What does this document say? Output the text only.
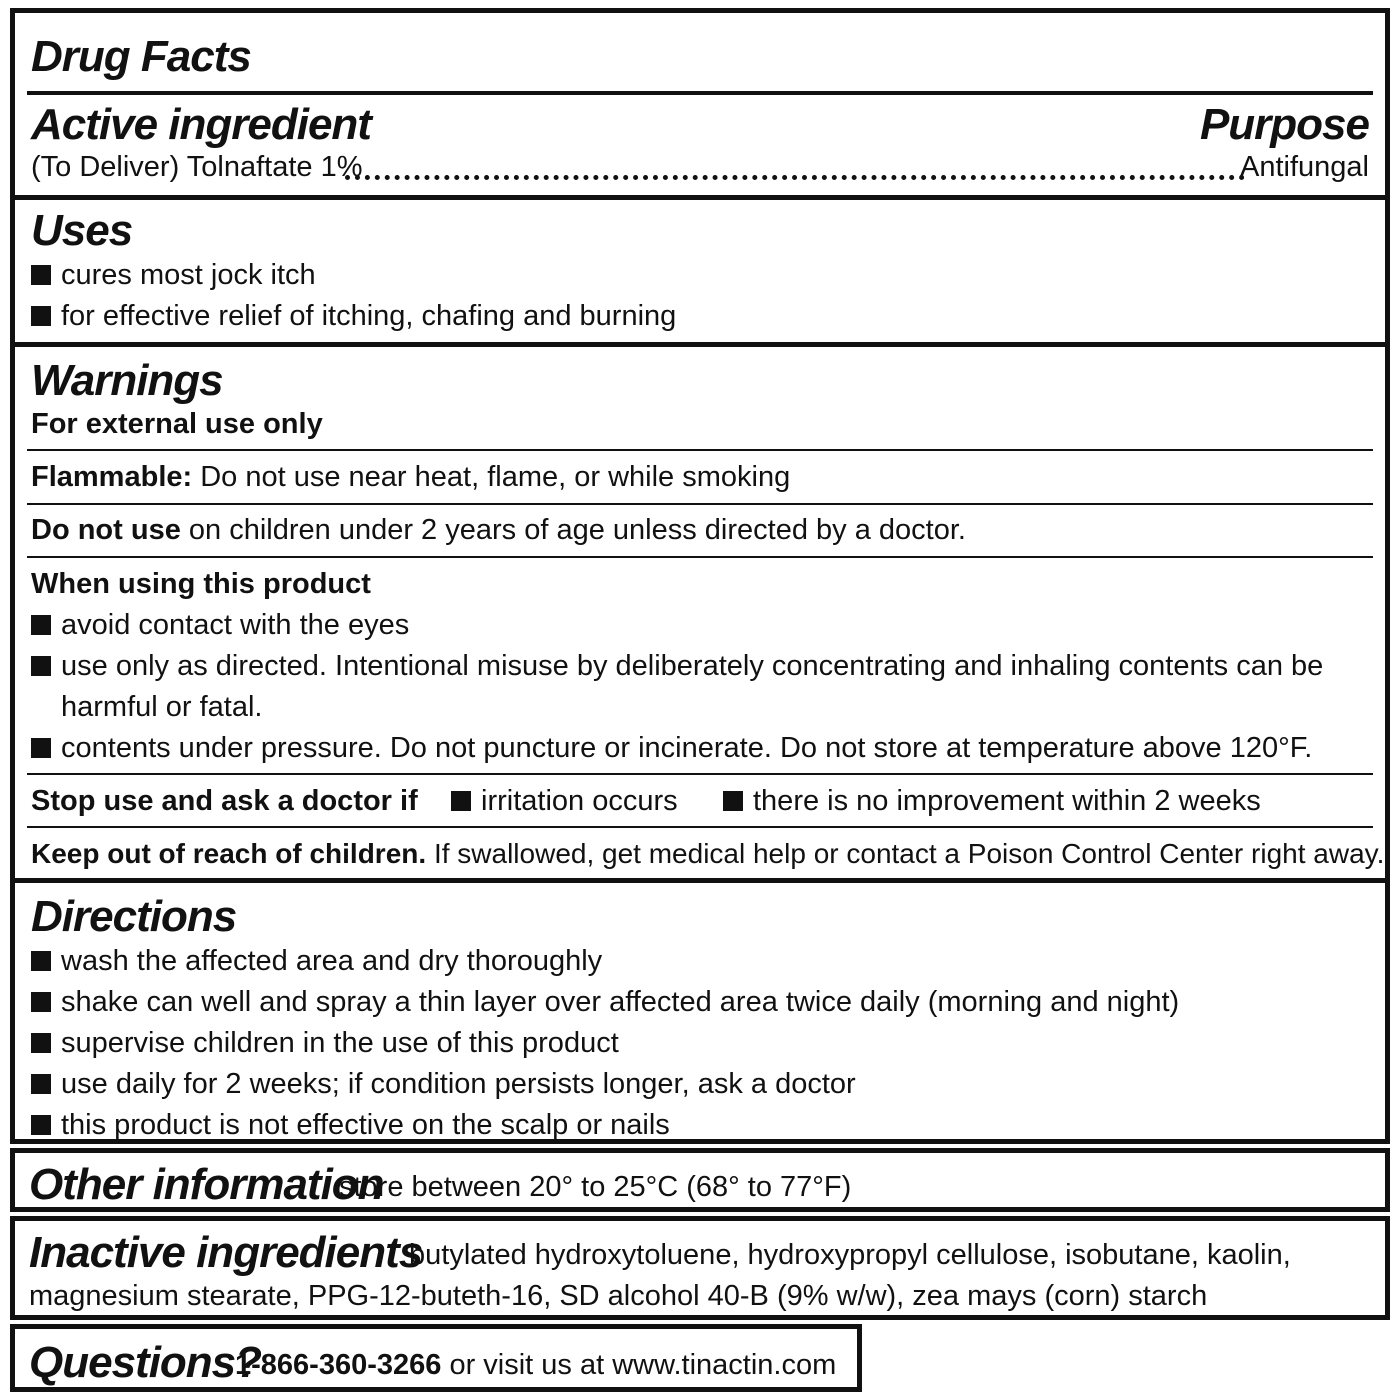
Drug Facts
Active ingredient	Purpose
(To Deliver) Tolnaftate 1%	Antifungal
Uses
cures most jock itch
for effective relief of itching, chafing and burning
Warnings
For external use only
Flammable: Do not use near heat, flame, or while smoking
Do not use on children under 2 years of age unless directed by a doctor.
When using this product
avoid contact with the eyes
use only as directed. Intentional misuse by deliberately concentrating and inhaling contents can be
harmful or fatal.
contents under pressure. Do not puncture or incinerate. Do not store at temperature above 120°F.
Stop use and ask a doctor if	irritation occurs	there is no improvement within 2 weeks
Keep out of reach of children. If swallowed, get medical help or contact a Poison Control Center right away.
Directions
wash the affected area and dry thoroughly
shake can well and spray a thin layer over affected area twice daily (morning and night)
supervise children in the use of this product
use daily for 2 weeks; if condition persists longer, ask a doctor
this product is not effective on the scalp or nails
Other information
store between 20° to 25°C (68° to 77°F)
Inactive ingredients
butylated hydroxytoluene, hydroxypropyl cellulose, isobutane, kaolin,
magnesium stearate, PPG-12-buteth-16, SD alcohol 40-B (9% w/w), zea mays (corn) starch
Questions?
1-866-360-3266 or visit us at www.tinactin.com
